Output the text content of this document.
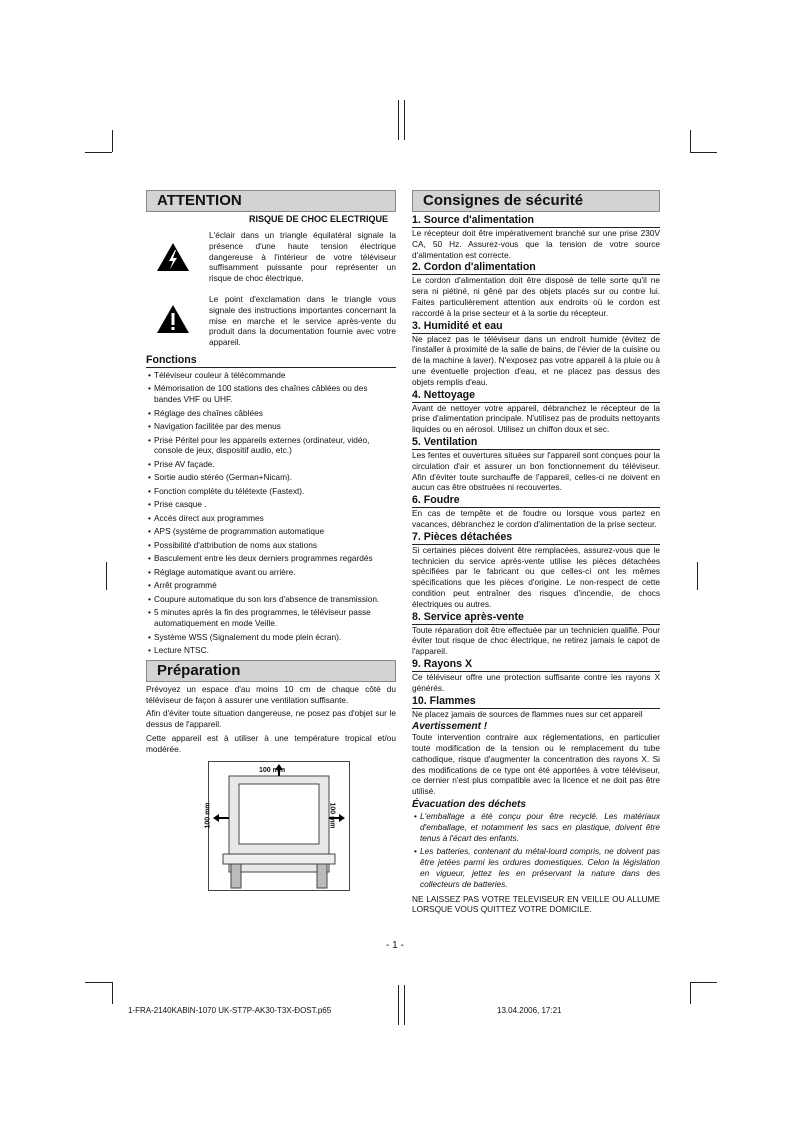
ATTENTION
RISQUE DE CHOC ELECTRIQUE

L'éclair dans un triangle équilatéral signale la présence d'une haute tension électrique dangereuse à l'intérieur de votre téléviseur suffisamment puissante pour représenter un risque de choc électrique.

Le point d'exclamation dans le triangle vous signale des instructions importantes concernant la mise en marche et le service après-vente du produit dans la documentation fournie avec votre appareil.

Fonctions
• Téléviseur couleur à télécommande
• Mémorisation de 100 stations des chaînes câblées ou des bandes VHF ou UHF.
• Réglage des chaînes câblées
• Navigation facilitée par des menus
• Prise Péritel pour les appareils externes (ordinateur, vidéo, console de jeux, dispositif audio, etc.)
• Prise AV façade.
• Sortie audio stéréo (German+Nicam).
• Fonction complète du télétexte (Fastext).
• Prise casque .
• Accès direct aux programmes
• APS (système de programmation automatique
• Possibilité d'attribution de noms aux stations
• Basculement entre les deux derniers programmes regardés
• Réglage automatique avant ou arrière.
• Arrêt programmé
• Coupure automatique du son lors d'absence de transmission.
• 5 minutes après la fin des programmes, le téléviseur passe automatiquement en mode Veille.
• Système WSS (Signalement du mode plein écran).
• Lecture NTSC.
Préparation

Prévoyez un espace d'au moins 10 cm de chaque côté du téléviseur de façon à assurer une ventilation suffisante.

Afin d'éviter toute situation dangereuse, ne posez pas d'objet sur le dessus de l'appareil.

Cette appareil est à utiliser à une température tropical et/ou modérée.

100 mm
100 mm	100 mm
Consignes de sécurité
1. Source d'alimentation

Le récepteur doit être impérativement branché sur une prise 230V CA, 50 Hz. Assurez-vous que la tension de votre source d'alimentation est correcte.

2. Cordon d'alimentation

Le cordon d'alimentation doit être disposé de telle sorte qu'il ne sera ni piétiné, ni gêné par des objets placés sur ou contre lui. Faites particulièrement attention aux endroits où le cordon est raccordé à la prise secteur et à la sortie du récepteur.

3. Humidité et eau

Ne placez pas le téléviseur dans un endroit humide (évitez de l'installer à proximité de la salle de bains, de l'évier de la cuisine ou de la machine à laver). N'exposez pas votre appareil à la pluie ou à une éventuelle projection d'eau, et ne placez pas dessus des objets remplis d'eau.

4. Nettoyage

Avant de nettoyer votre appareil, débranchez le récepteur de la prise d'alimentation principale. N'utilisez pas de produits nettoyants liquides ou en aérosol. Utilisez un chiffon doux et sec.

5. Ventilation

Les fentes et ouvertures situées sur l'appareil sont conçues pour la circulation d'air et assurer un bon fonctionnement du téléviseur. Afin d'éviter toute surchauffe de l'appareil, celles-ci ne doivent en aucun cas être obstruées ni recouvertes.

6. Foudre

En cas de tempête et de foudre ou lorsque vous partez en vacances, débranchez le cordon d'alimentation de la prise secteur.

7. Pièces détachées

Si certaines pièces doivent être remplacées, assurez-vous que le technicien du service après-vente utilise les pièces détachées spécifiées par le fabricant ou que celles-ci ont les mêmes spécifications que les pièces d'origine. Le non-respect de cette condition peut entraîner des risques d'incendie, de chocs électriques ou autres.

8. Service après-vente

Toute réparation doit être effectuée par un technicien qualifié. Pour éviter tout risque de choc électrique, ne retirez jamais le capot de l'appareil.

9. Rayons X

Ce téléviseur offre une protection suffisante contre les rayons X générés.

10. Flammes

Ne placez jamais de sources de flammes nues sur cet appareil

Avertissement !

Toute intervention contraire aux réglementations, en particulier toute modification de la tension ou le remplacement du tube cathodique, risque d'augmenter la concentration des rayons X. Si des modifications de ce type ont été apportées à votre téléviseur, ce dernier n'est plus compatible avec la licence et ne doit pas être utilisé.

Évacuation des déchets
• L'emballage a été conçu pour être recyclé. Les matériaux d'emballage, et notamment les sacs en plastique, doivent être tenus à l'écart des enfants.
• Les batteries, contenant du métal-lourd compris, ne doivent pas être jetées parmi les ordures domestiques. Celon la législation en vigueur, jettez les en préservant la nature dans des collecteurs de batteries.

NE LAISSEZ PAS VOTRE TELEVISEUR EN VEILLE OU ALLUME LORSQUE VOUS QUITTEZ VOTRE DOMICILE.

- 1 -
1-FRA-2140KABIN-1070 UK-ST7P-AK30-T3X-ÐOST.p65	13.04.2006, 17:21
